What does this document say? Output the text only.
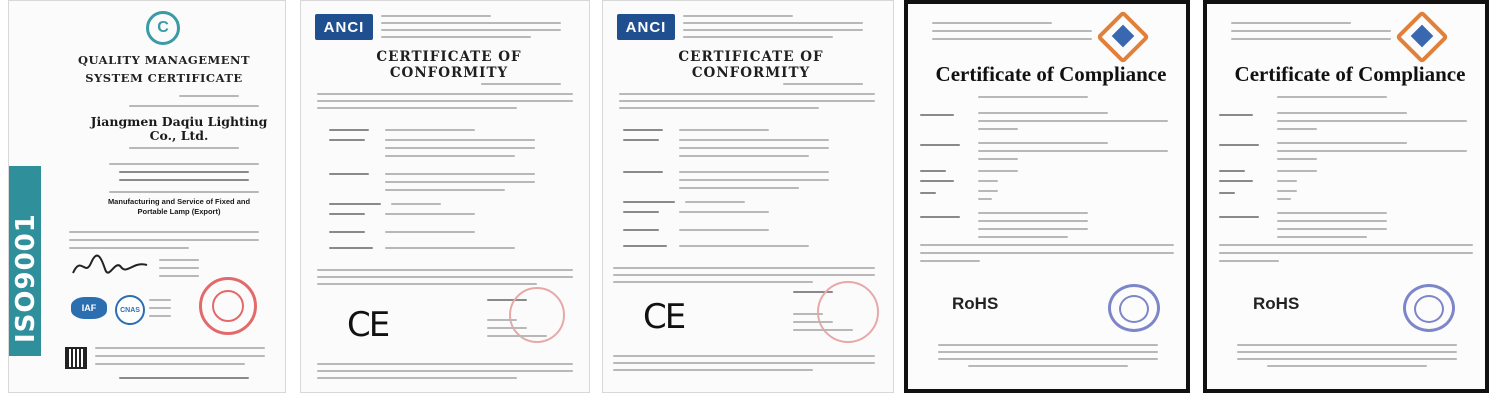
C
QUALITY MANAGEMENT
SYSTEM CERTIFICATE
Jiangmen Daqiu Lighting Co., Ltd.
Manufacturing and Service of Fixed and Portable Lamp (Export)
IAF	CNAS
ISO9001
ANCI
CERTIFICATE OF CONFORMITY
CE
ANCI
CERTIFICATE OF CONFORMITY
CE
Certificate of Compliance
RoHS
Certificate of Compliance
RoHS
